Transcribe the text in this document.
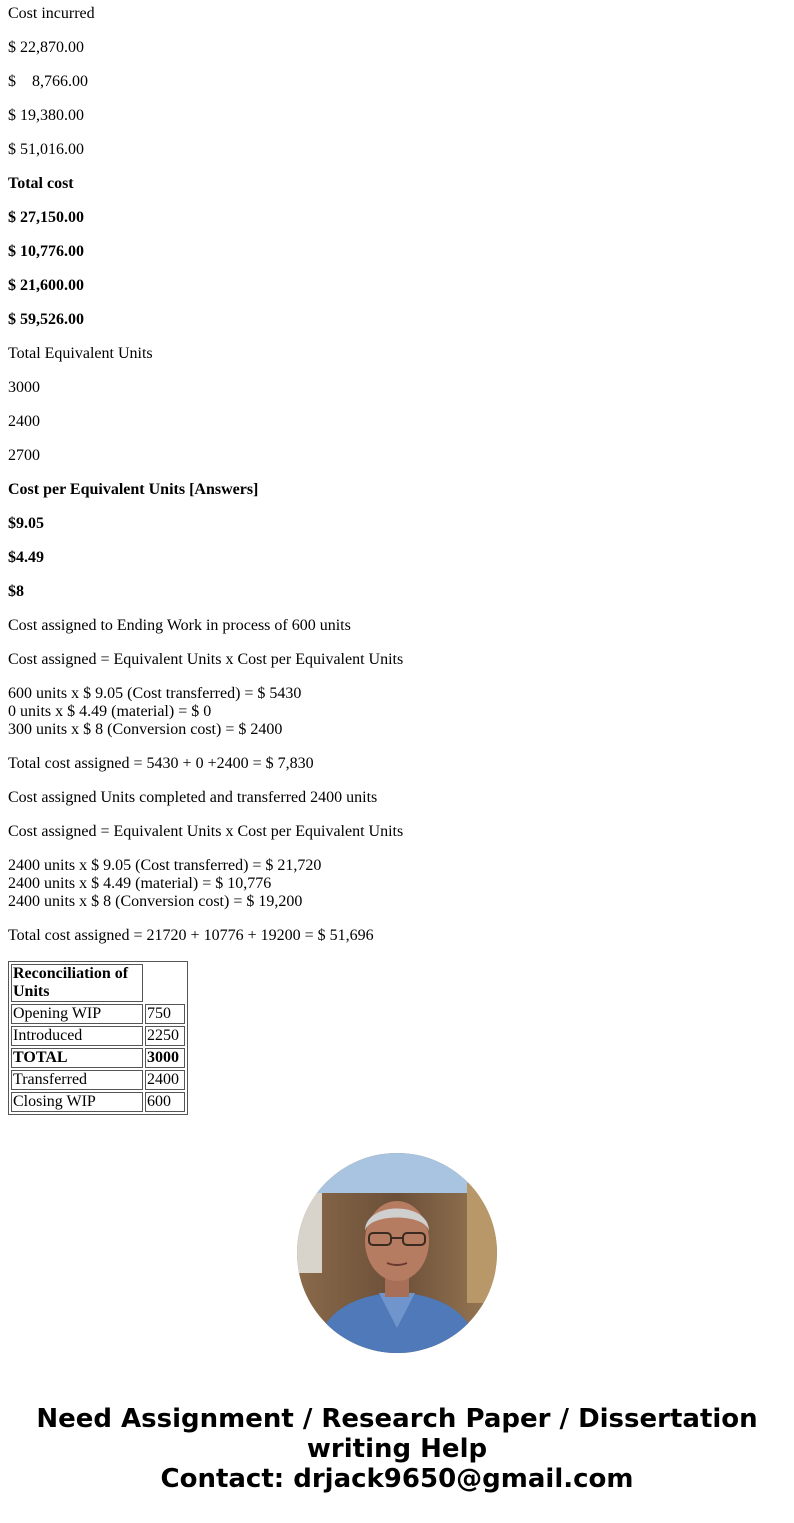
Cost incurred
$ 22,870.00
$    8,766.00
$ 19,380.00
$ 51,016.00
Total cost
$ 27,150.00
$ 10,776.00
$ 21,600.00
$ 59,526.00
Total Equivalent Units
3000
2400
2700
Cost per Equivalent Units [Answers]
$9.05
$4.49
$8
Cost assigned to Ending Work in process of 600 units
Cost assigned = Equivalent Units x Cost per Equivalent Units
600 units x $ 9.05 (Cost transferred) = $ 5430
0 units x $ 4.49 (material) = $ 0
300 units x $ 8 (Conversion cost) = $ 2400
Total cost assigned = 5430 + 0 +2400 = $ 7,830
Cost assigned Units completed and transferred 2400 units
Cost assigned = Equivalent Units x Cost per Equivalent Units
2400 units x $ 9.05 (Cost transferred) = $ 21,720
2400 units x $ 4.49 (material) = $ 10,776
2400 units x $ 8 (Conversion cost) = $ 19,200
Total cost assigned = 21720 + 10776 + 19200 = $ 51,696
Reconciliation of
Units	
Opening WIP	750
Introduced	2250
TOTAL	3000
Transferred	2400
Closing WIP	600
Need Assignment / Research Paper / Dissertation
writing Help
Contact: drjack9650@gmail.com
